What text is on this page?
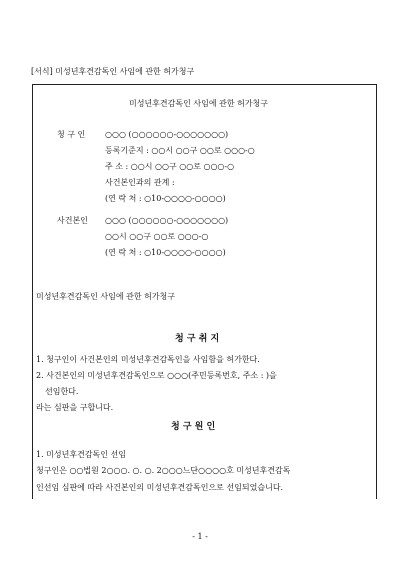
[서식] 미성년후견감독인 사임에 관한 허가청구
미성년후견감독인 사임에 관한 허가청구
청 구 인 ○○○ (○○○○○○-○○○○○○○)
등록기준지 : ○○시 ○○구 ○○로 ○○○-○
주 소 : ○○시 ○○구 ○○로 ○○○-○
사건본인과의 관계 :
(연 락 처 : ○10-○○○○-○○○○)
사건본인 ○○○ (○○○○○○-○○○○○○○)
○○시 ○○구 ○○로 ○○○-○
(연 락 처 : ○10-○○○○-○○○○)
미성년후견감독인 사임에 관한 허가청구
청 구 취 지
1. 청구인이 사건본인의 미성년후견감독인을 사임함을 허가한다.
2. 사건본인의 미성년후견감독인으로 ○○○(주민등록번호, 주소 : )을
선임한다.
라는 심판을 구합니다.
청 구 원 인
1. 미성년후견감독인 선임
청구인은 ○○법원 2○○○. ○. ○. 2○○○느단○○○○호 미성년후견감독
인선임 심판에 따라 사건본인의 미성년후견감독인으로 선임되었습니다.
- 1 -
